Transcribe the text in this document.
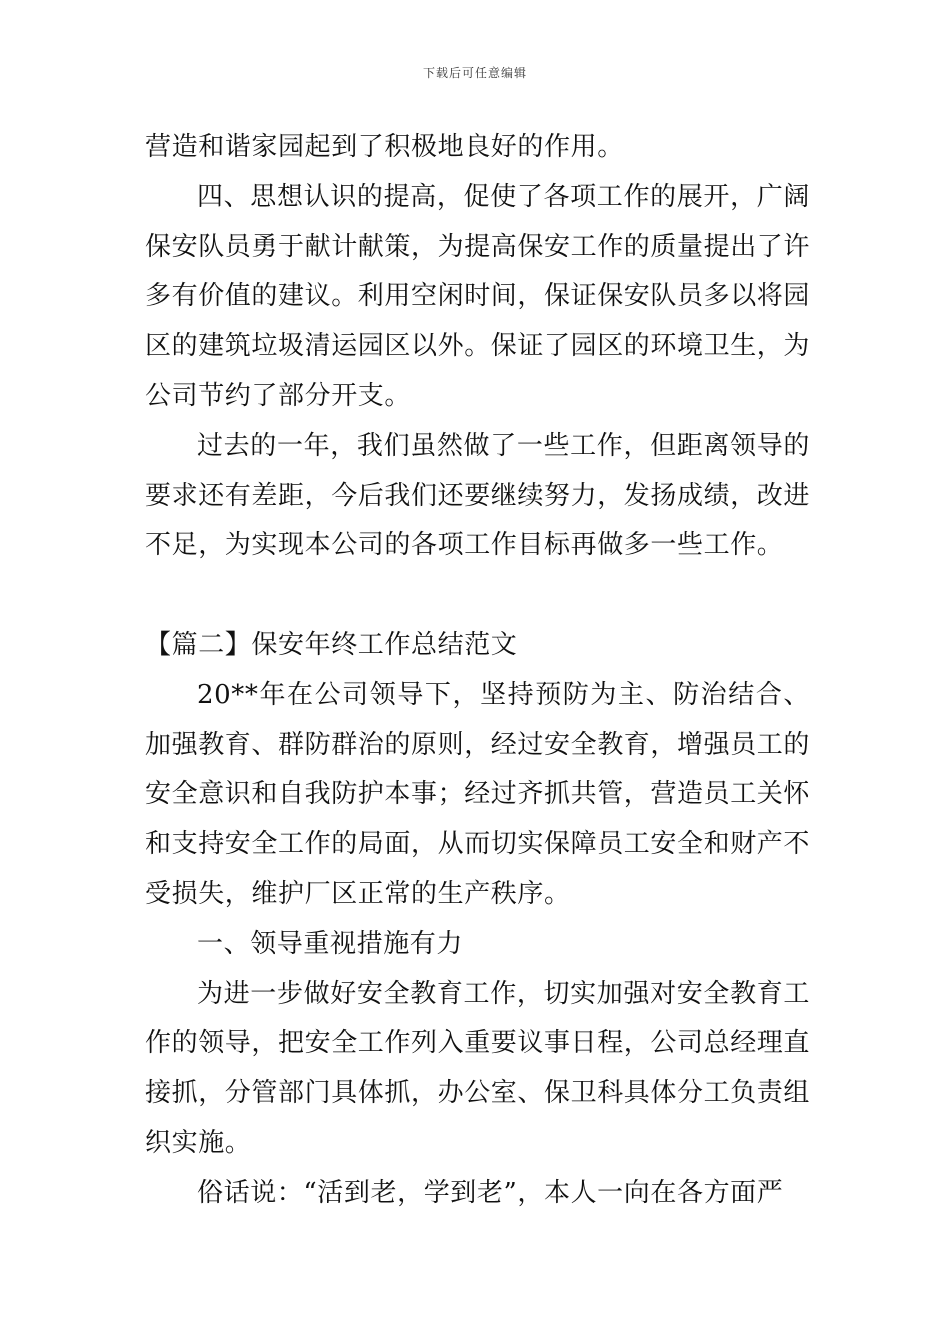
下载后可任意编辑

营造和谐家园起到了积极地良好的作用。

四、思想认识的提高，促使了各项工作的展开，广阔保安队员勇于献计献策，为提高保安工作的质量提出了许多有价值的建议。利用空闲时间，保证保安队员多以将园区的建筑垃圾清运园区以外。保证了园区的环境卫生，为公司节约了部分开支。

过去的一年，我们虽然做了一些工作，但距离领导的要求还有差距，今后我们还要继续努力，发扬成绩，改进不足，为实现本公司的各项工作目标再做多一些工作。

【篇二】保安年终工作总结范文

20**年在公司领导下，坚持预防为主、防治结合、加强教育、群防群治的原则，经过安全教育，增强员工的安全意识和自我防护本事；经过齐抓共管，营造员工关怀和支持安全工作的局面，从而切实保障员工安全和财产不受损失，维护厂区正常的生产秩序。

一、领导重视措施有力

为进一步做好安全教育工作，切实加强对安全教育工作的领导，把安全工作列入重要议事日程，公司总经理直接抓，分管部门具体抓，办公室、保卫科具体分工负责组织实施。

俗话说：“活到老，学到老”，本人一向在各方面严
